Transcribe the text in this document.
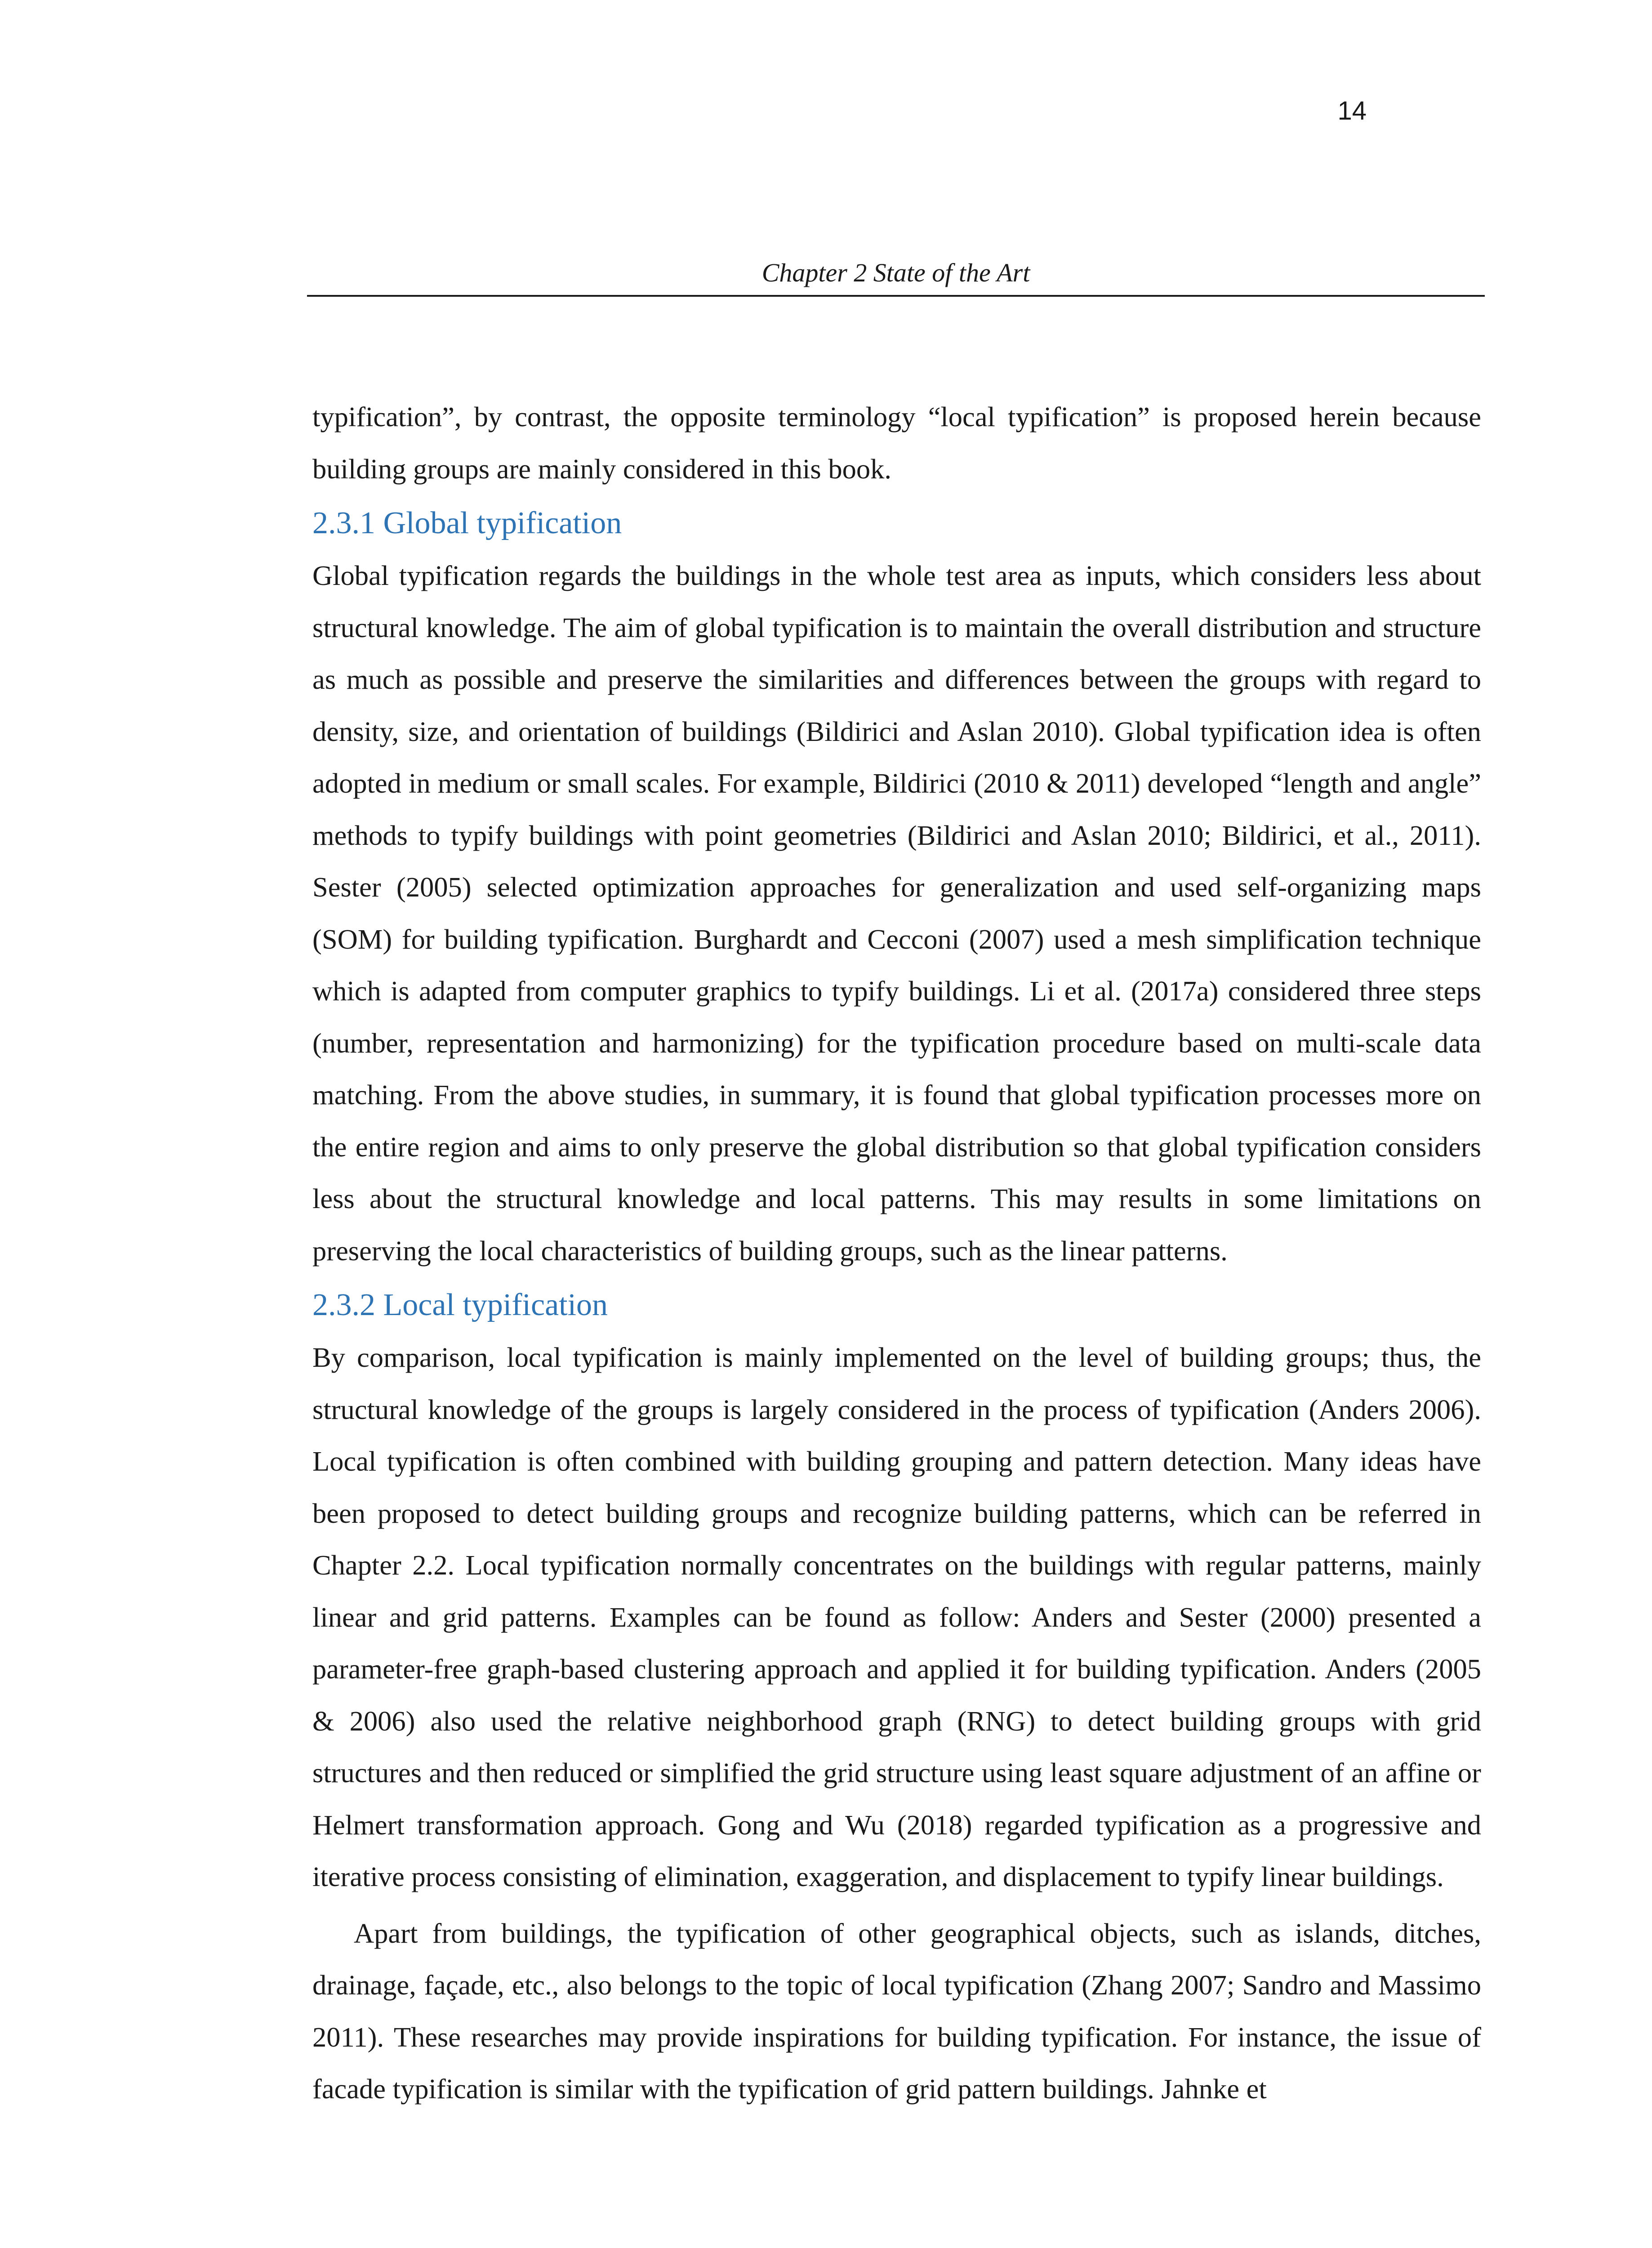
14
Chapter 2 State of the Art

typification”, by contrast, the opposite terminology “local typification” is proposed herein because building groups are mainly considered in this book.

2.3.1 Global typification

Global typification regards the buildings in the whole test area as inputs, which considers less about structural knowledge. The aim of global typification is to maintain the overall distribution and structure as much as possible and preserve the similarities and differences between the groups with regard to density, size, and orientation of buildings (Bildirici and Aslan 2010). Global typification idea is often adopted in medium or small scales. For example, Bildirici (2010 & 2011) developed “length and angle” methods to typify buildings with point geometries (Bildirici and Aslan 2010; Bildirici, et al., 2011). Sester (2005) selected optimization approaches for generalization and used self-organizing maps (SOM) for building typification. Burghardt and Cecconi (2007) used a mesh simplification technique which is adapted from computer graphics to typify buildings. Li et al. (2017a) considered three steps (number, representation and harmonizing) for the typification procedure based on multi-scale data matching. From the above studies, in summary, it is found that global typification processes more on the entire region and aims to only preserve the global distribution so that global typification considers less about the structural knowledge and local patterns. This may results in some limitations on preserving the local characteristics of building groups, such as the linear patterns.

2.3.2 Local typification

By comparison, local typification is mainly implemented on the level of building groups; thus, the structural knowledge of the groups is largely considered in the process of typification (Anders 2006). Local typification is often combined with building grouping and pattern detection. Many ideas have been proposed to detect building groups and recognize building patterns, which can be referred in Chapter 2.2. Local typification normally concentrates on the buildings with regular patterns, mainly linear and grid patterns. Examples can be found as follow: Anders and Sester (2000) presented a parameter-free graph-based clustering approach and applied it for building typification. Anders (2005 & 2006) also used the relative neighborhood graph (RNG) to detect building groups with grid structures and then reduced or simplified the grid structure using least square adjustment of an affine or Helmert transformation approach. Gong and Wu (2018) regarded typification as a progressive and iterative process consisting of elimination, exaggeration, and displacement to typify linear buildings.

Apart from buildings, the typification of other geographical objects, such as islands, ditches, drainage, façade, etc., also belongs to the topic of local typification (Zhang 2007; Sandro and Massimo 2011). These researches may provide inspirations for building typification. For instance, the issue of facade typification is similar with the typification of grid pattern buildings. Jahnke et
